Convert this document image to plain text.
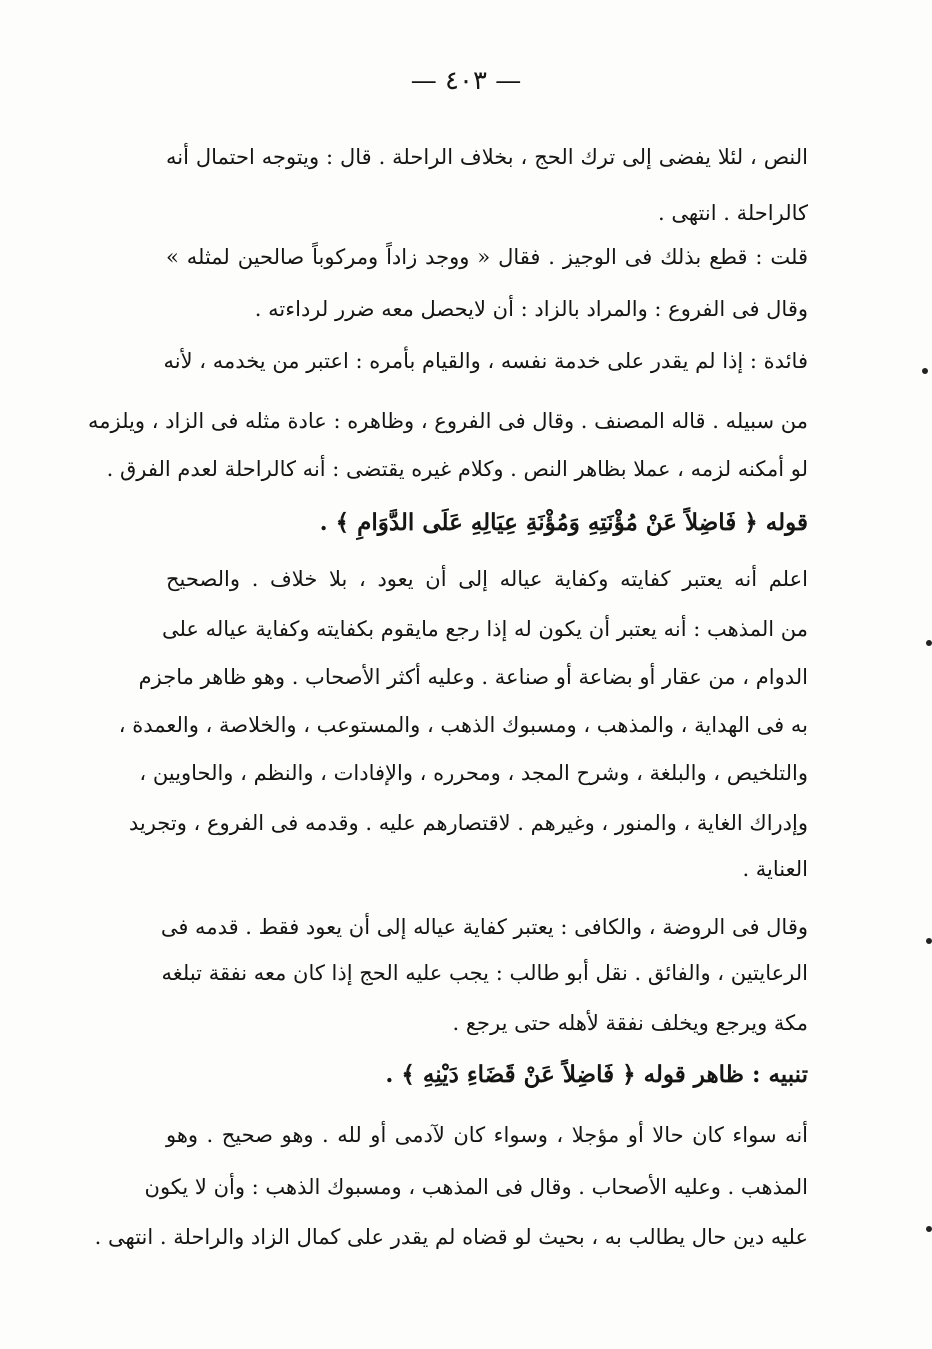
— ٤٠٣ —
النص ، لئلا يفضى إلى ترك الحج ، بخلاف الراحلة . قال : ويتوجه احتمال أنه
كالراحلة . انتهى .
قلت : قطع بذلك فى الوجيز . فقال « ووجد زاداً ومركوباً صالحين لمثله »
وقال فى الفروع : والمراد بالزاد : أن لايحصل معه ضرر لرداءته .
فائدة : إذا لم يقدر على خدمة نفسه ، والقيام بأمره : اعتبر من يخدمه ، لأنه
من سبيله . قاله المصنف . وقال فى الفروع ، وظاهره : عادة مثله فى الزاد ، ويلزمه
لو أمكنه لزمه ، عملا بظاهر النص . وكلام غيره يقتضى : أنه كالراحلة لعدم الفرق .
قوله ﴿ فَاضِلاً عَنْ مُؤْنَتِهِ وَمُؤْنَةِ عِيَالِهِ عَلَى الدَّوَامِ ﴾ .
اعلم أنه يعتبر كفايته وكفاية عياله إلى أن يعود ، بلا خلاف . والصحيح
من المذهب : أنه يعتبر أن يكون له إذا رجع مايقوم بكفايته وكفاية عياله على
الدوام ، من عقار أو بضاعة أو صناعة . وعليه أكثر الأصحاب . وهو ظاهر ماجزم
به فى الهداية ، والمذهب ، ومسبوك الذهب ، والمستوعب ، والخلاصة ، والعمدة ،
والتلخيص ، والبلغة ، وشرح المجد ، ومحرره ، والإفادات ، والنظم ، والحاويين ،
وإدراك الغاية ، والمنور ، وغيرهم . لاقتصارهم عليه . وقدمه فى الفروع ، وتجريد
العناية .
وقال فى الروضة ، والكافى : يعتبر كفاية عياله إلى أن يعود فقط . قدمه فى
الرعايتين ، والفائق . نقل أبو طالب : يجب عليه الحج إذا كان معه نفقة تبلغه
مكة ويرجع ويخلف نفقة لأهله حتى يرجع .
تنبيه : ظاهر قوله ﴿ فَاضِلاً عَنْ قَضَاءِ دَيْنِهِ ﴾ .
أنه سواء كان حالا أو مؤجلا ، وسواء كان لآدمى أو لله . وهو صحيح . وهو
المذهب . وعليه الأصحاب . وقال فى المذهب ، ومسبوك الذهب : وأن لا يكون
عليه دين حال يطالب به ، بحيث لو قضاه لم يقدر على كمال الزاد والراحلة . انتهى .
